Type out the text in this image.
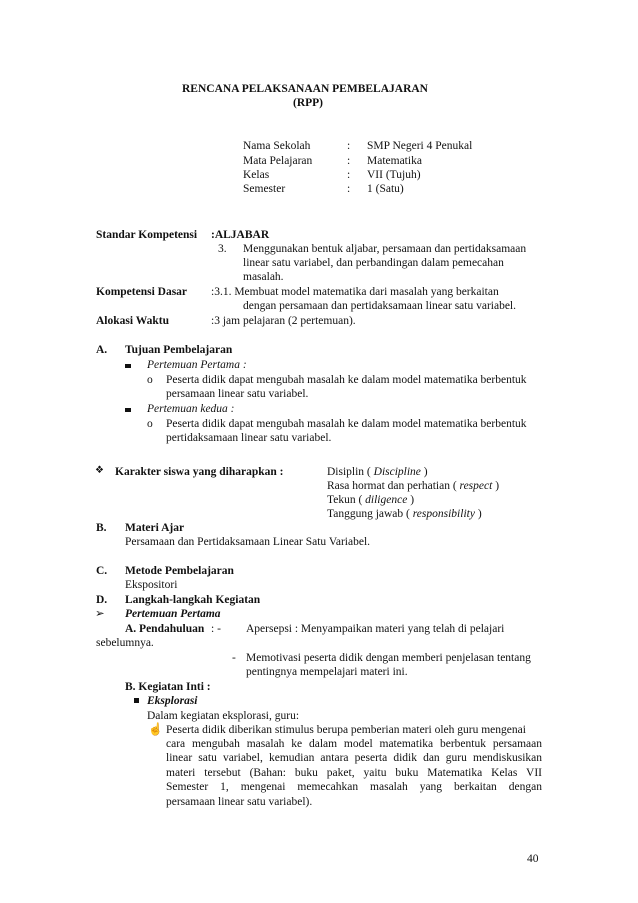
RENCANA PELAKSANAAN PEMBELAJARAN
(RPP)
Nama Sekolah	: SMP Negeri 4 Penukal
Mata Pelajaran	: Matematika
Kelas	: VII (Tujuh)
Semester	: 1 (Satu)
Standar Kompetensi :ALJABAR
3. Menggunakan bentuk aljabar, persamaan dan pertidaksamaan
linear satu variabel, dan perbandingan dalam pemecahan
masalah.
Kompetensi Dasar :3.1. Membuat model matematika dari masalah yang berkaitan
dengan persamaan dan pertidaksamaan linear satu variabel.
Alokasi Waktu	:3 jam pelajaran (2 pertemuan).
A. Tujuan Pembelajaran
Pertemuan Pertama :
o Peserta didik dapat mengubah masalah ke dalam model matematika berbentuk
persamaan linear satu variabel.
Pertemuan kedua :
o Peserta didik dapat mengubah masalah ke dalam model matematika berbentuk
pertidaksamaan linear satu variabel.
❖ Karakter siswa yang diharapkan :	Disiplin ( Discipline )
Rasa hormat dan perhatian ( respect )
Tekun ( diligence )
Tanggung jawab ( responsibility )
B. Materi Ajar
Persamaan dan Pertidaksamaan Linear Satu Variabel.
C. Metode Pembelajaran
Ekspositori
D. Langkah-langkah Kegiatan
➢ Pertemuan Pertama
A. Pendahuluan : - Apersepsi : Menyampaikan materi yang telah di pelajari
sebelumnya.
- Memotivasi peserta didik dengan memberi penjelasan tentang
pentingnya mempelajari materi ini.
B. Kegiatan Inti :
Eksplorasi
Dalam kegiatan eksplorasi, guru:
☝ Peserta didik diberikan stimulus berupa pemberian materi oleh guru mengenai
cara mengubah masalah ke dalam model matematika berbentuk persamaan
linear satu variabel, kemudian antara peserta didik dan guru mendiskusikan
materi tersebut (Bahan: buku paket, yaitu buku Matematika Kelas VII
Semester 1, mengenai memecahkan masalah yang berkaitan dengan
persamaan linear satu variabel).
40
